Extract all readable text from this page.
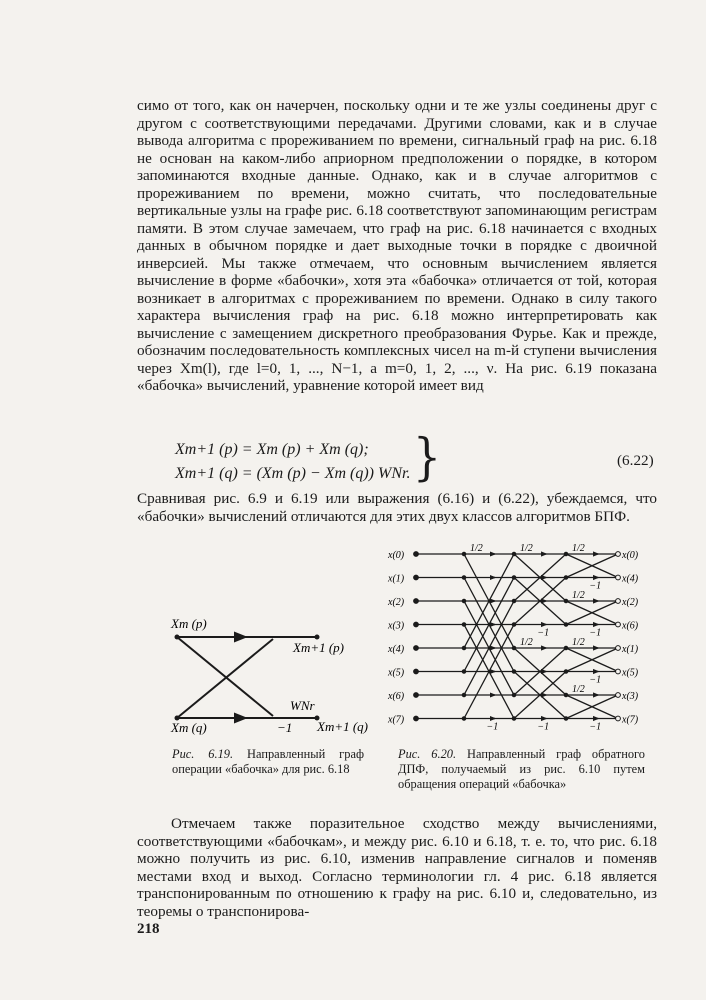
симо от того, как он начерчен, поскольку одни и те же узлы соединены друг с другом с соответствующими передачами. Другими словами, как и в случае вывода алгоритма с прореживанием по времени, сигнальный граф на рис. 6.18 не основан на каком-либо априорном предположении о порядке, в котором запоминаются входные данные. Однако, как и в случае алгоритмов с прореживанием по времени, можно считать, что последовательные вертикальные узлы на графе рис. 6.18 соответствуют запоминающим регистрам памяти. В этом случае замечаем, что граф на рис. 6.18 начинается с входных данных в обычном порядке и дает выходные точки в порядке с двоичной инверсией. Мы также отмечаем, что основным вычислением является вычисление в форме «бабочки», хотя эта «бабочка» отличается от той, которая возникает в алгоритмах с прореживанием по времени. Однако в силу такого характера вычисления граф на рис. 6.18 можно интерпретировать как вычисление с замещением дискретного преобразования Фурье. Как и прежде, обозначим последовательность комплексных чисел на m-й ступени вычисления через Xm(l), где l=0, 1, ..., N−1, а m=0, 1, 2, ..., ν. На рис. 6.19 показана «бабочка» вычислений, уравнение которой имеет вид

Xm+1 (p) = Xm (p) + Xm (q);
Xm+1 (q) = (Xm (p) − Xm (q)) WNr. }	(6.22)

Сравнивая рис. 6.9 и 6.19 или выражения (6.16) и (6.22), убеждаемся, что «бабочки» вычислений отличаются для этих двух классов алгоритмов БПФ.

Xm (p)
Xm (q)
Xm+1 (p)
Xm+1 (q)
WNr
−1

Рис. 6.19. Направленный граф операции «бабочка» для рис. 6.18

1/2
−1
1/2
−1
1/2
−1
1/2
−1
1/2
−1
1/2
−1
1/2
−1
x(0)	x(0)
x(1)	x(4)
x(2)	x(2)
x(3)	x(6)
x(4)	x(1)
x(5)	x(5)
x(6)	x(3)
x(7)	x(7)

Рис. 6.20. Направленный граф обратного ДПФ, получаемый из рис. 6.10 путем обращения операций «бабочка»

Отмечаем также поразительное сходство между вычислениями, соответствующими «бабочкам», и между рис. 6.10 и 6.18, т. е. то, что рис. 6.18 можно получить из рис. 6.10, изменив направление сигналов и поменяв местами вход и выход. Согласно терминологии гл. 4 рис. 6.18 является транспонированным по отношению к графу на рис. 6.10 и, следовательно, из теоремы о транспонирова-

218
